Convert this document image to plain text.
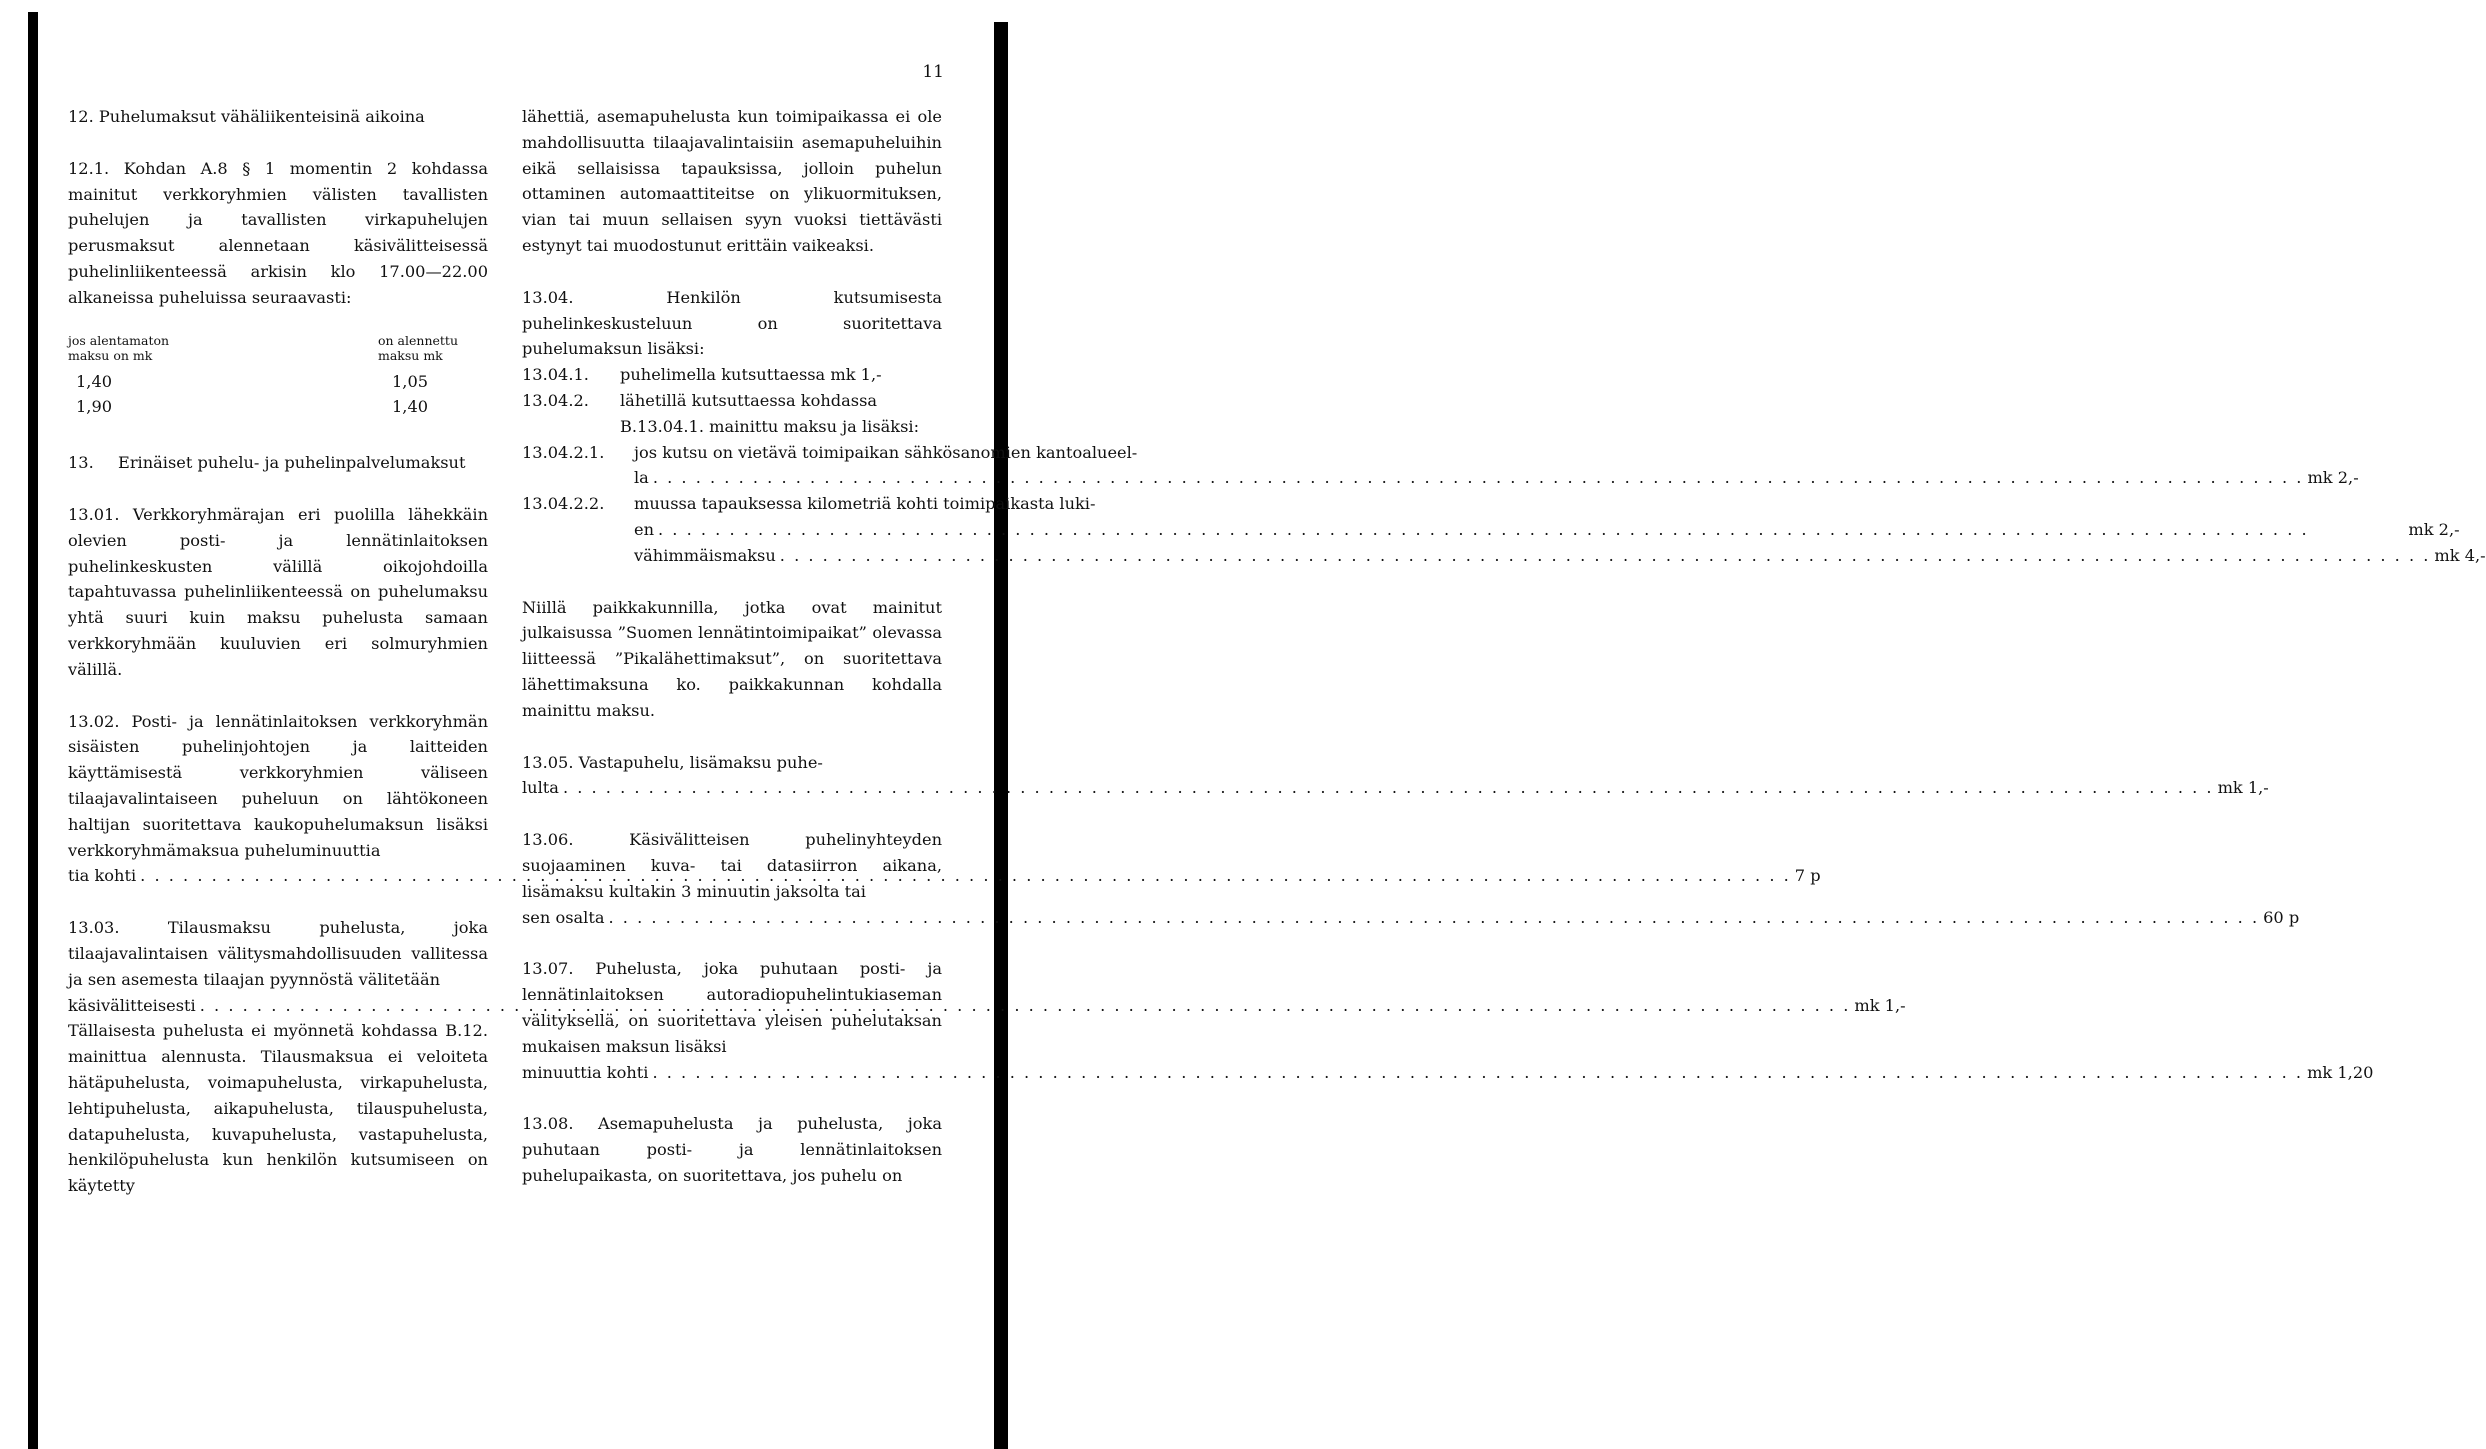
11

12. Puhelumaksut vähäliikenteisinä aikoina

12.1. Kohdan A.8 § 1 momentin 2 kohdassa mainitut verkkoryhmien välisten tavallisten puhelujen ja tavallisten virkapuhelujen perusmaksut alennetaan käsivälitteisessä puhelinliikenteessä arkisin klo 17.00—22.00 alkaneissa puheluissa seuraavasti:

jos alentamaton maksu on mk
on alennettu maksu mk
1,40	1,05
1,90	1,40
13.	Erinäiset puhelu- ja puhelinpalvelumaksut

13.01. Verkkoryhmärajan eri puolilla lähekkäin olevien posti- ja lennätinlaitoksen puhelinkeskusten välillä oikojohdoilla tapahtuvassa puhelinliikenteessä on puhelumaksu yhtä suuri kuin maksu puhelusta samaan verkkoryhmään kuuluvien eri solmuryhmien välillä.

13.02. Posti- ja lennätinlaitoksen verkkoryhmän sisäisten puhelinjohtojen ja laitteiden käyttämisestä verkkoryhmien väliseen tilaajavalintaiseen puheluun on lähtökoneen haltijan suoritettava kaukopuhelumaksun lisäksi verkkoryhmämaksua puheluminuuttia

tia kohti . . .	7 p

13.03. Tilausmaksu puhelusta, joka tilaajavalintaisen välitysmahdollisuuden vallitessa ja sen asemesta tilaajan pyynnöstä välitetään

käsivälitteisesti . . .	mk 1,-

Tällaisesta puhelusta ei myönnetä kohdassa B.12. mainittua alennusta. Tilausmaksua ei veloiteta hätäpuhelusta, voimapuhelusta, virkapuhelusta, lehtipuhelusta, aikapuhelusta, tilauspuhelusta, datapuhelusta, kuvapuhelusta, vastapuhelusta, henkilöpuhelusta kun henkilön kutsumiseen on käytetty

lähettiä, asemapuhelusta kun toimipaikassa ei ole mahdollisuutta tilaajavalintaisiin asemapuheluihin eikä sellaisissa tapauksissa, jolloin puhelun ottaminen automaattiteitse on ylikuormituksen, vian tai muun sellaisen syyn vuoksi tiettävästi estynyt tai muodostunut erittäin vaikeaksi.

13.04. Henkilön kutsumisesta puhelinkeskusteluun on suoritettava puhelumaksun lisäksi:

13.04.1.	puhelimella kutsuttaessa mk 1,-
13.04.2.	lähetillä kutsuttaessa kohdassa B.13.04.1. mainittu maksu ja lisäksi:
13.04.2.1.	jos kutsu on vietävä toimipaikan sähkösanomien kantoalueel-
la . . .	mk 2,-
13.04.2.2.	muussa tapauksessa kilometriä kohti toimipaikasta luki-
en . . .	mk 2,-
vähimmäismaksu . . .	mk 4,-

Niillä paikkakunnilla, jotka ovat mainitut julkaisussa ”Suomen lennätintoimipaikat” olevassa liitteessä ”Pikalähettimaksut”, on suoritettava lähettimaksuna ko. paikkakunnan kohdalla mainittu maksu.

13.05. Vastapuhelu, lisämaksu puhe-

lulta . . .	mk 1,-

13.06. Käsivälitteisen puhelinyhteyden suojaaminen kuva- tai datasiirron aikana, lisämaksu kultakin 3 minuutin jaksolta tai

sen osalta . . .	60 p

13.07. Puhelusta, joka puhutaan posti- ja lennätinlaitoksen autoradiopuhelintukiaseman välityksellä, on suoritettava yleisen puhelutaksan mukaisen maksun lisäksi

minuuttia kohti . . .	mk 1,20

13.08. Asemapuhelusta ja puhelusta, joka puhutaan posti- ja lennätinlaitoksen puhelupaikasta, on suoritettava, jos puhelu on
